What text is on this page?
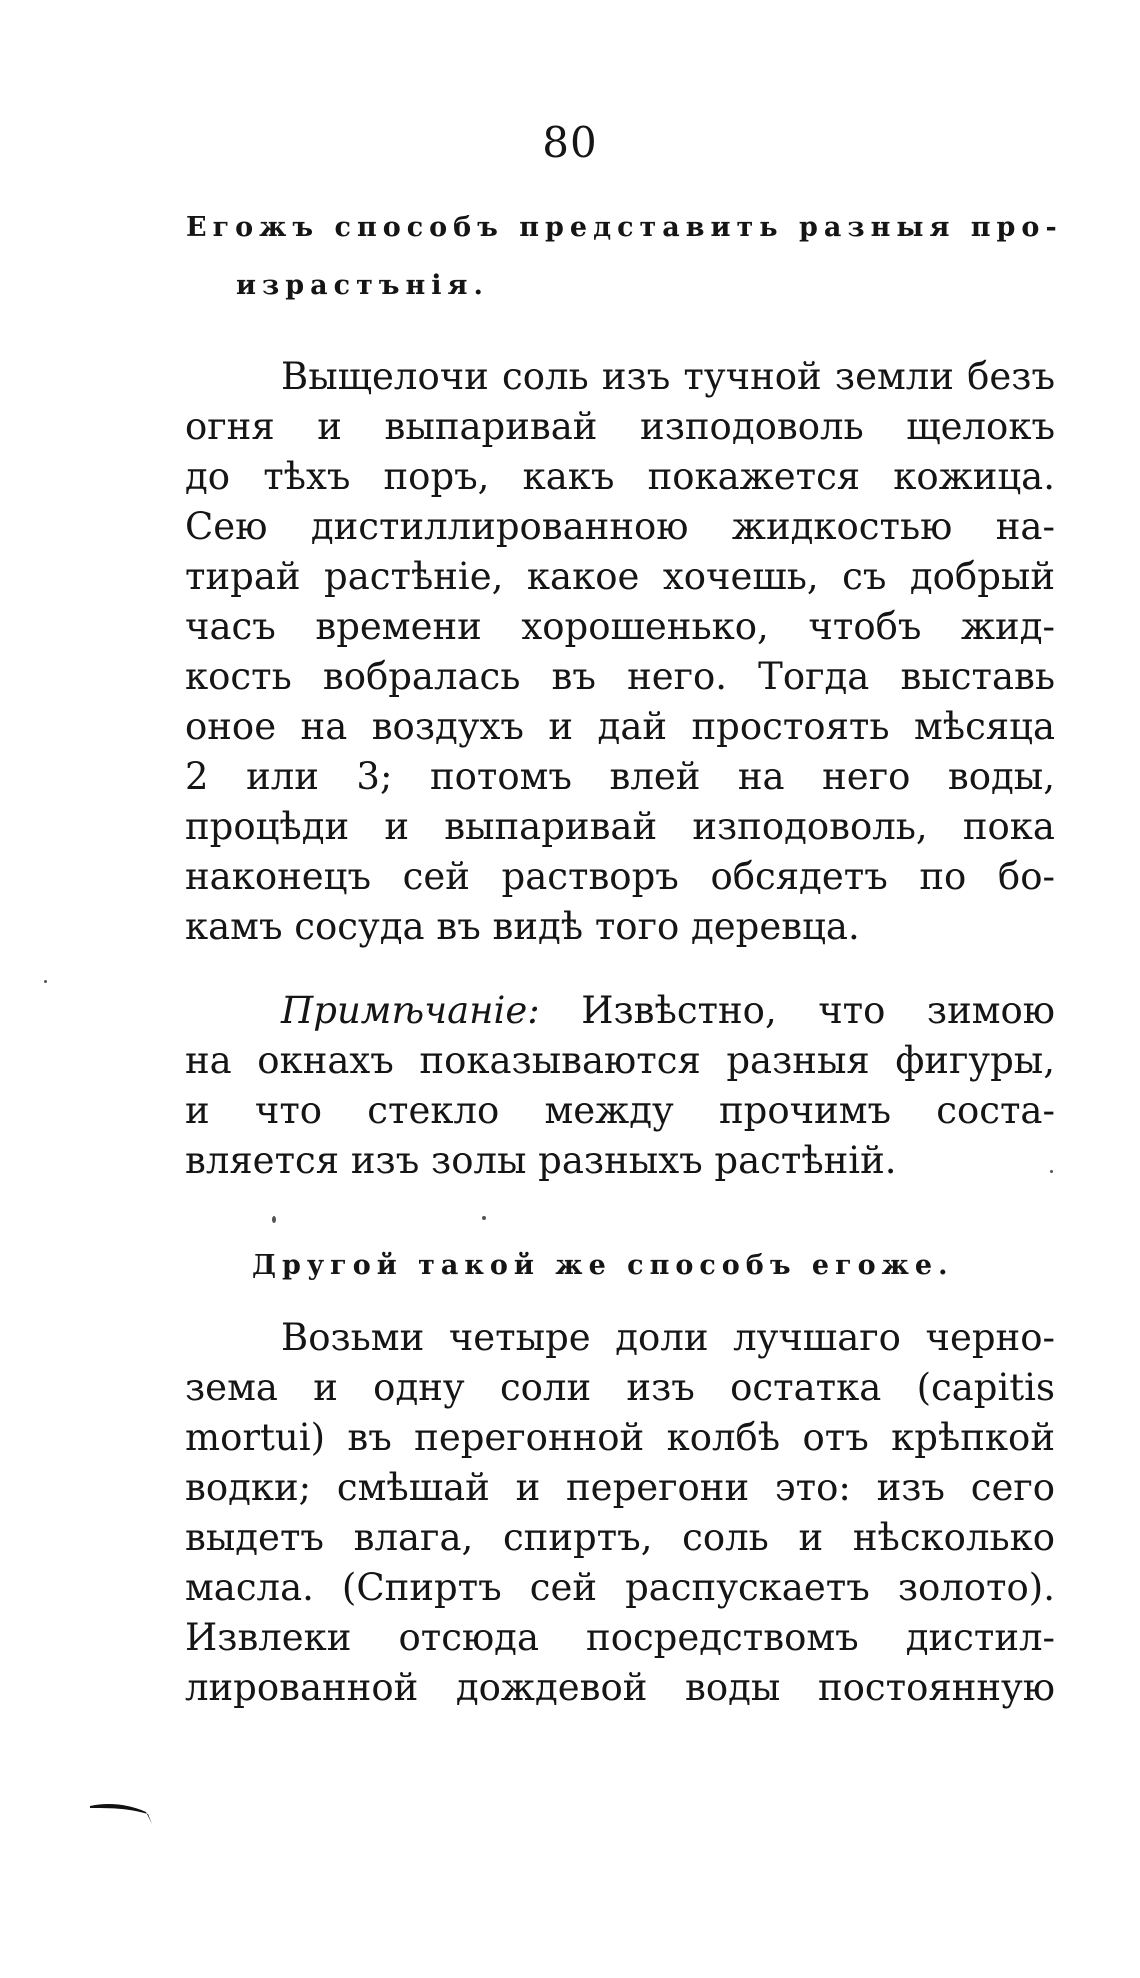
80
Егожъ способъ представить разныя про-
израстънія.
Выщелочи соль изъ тучной земли безъ
огня и выпаривай изподоволь щелокъ
до тѣхъ поръ, какъ покажется кожица.
Сею дистиллированною жидкостью на-
тирай растѣніе, какое хочешь, съ добрый
часъ времени хорошенько, чтобъ жид-
кость вобралась въ него. Тогда выставь
оное на воздухъ и дай простоять мѣсяца
2 или 3; потомъ влей на него воды,
процѣди и выпаривай изподоволь, пока
наконецъ сей растворъ обсядетъ по бо-
камъ сосуда въ видѣ того деревца.
Примѣчаніе: Извѣстно, что зимою
на окнахъ показываются разныя фигуры,
и что стекло между прочимъ соста-
вляется изъ золы разныхъ растѣній.
Другой такой же способъ егоже.
Возьми четыре доли лучшаго черно-
зема и одну соли изъ остатка (capitis
mortui) въ перегонной колбѣ отъ крѣпкой
водки; смѣшай и перегони это: изъ сего
выдетъ влага, спиртъ, соль и нѣсколько
масла. (Спиртъ сей распускаетъ золото).
Извлеки отсюда посредствомъ дистил-
лированной дождевой воды постоянную
